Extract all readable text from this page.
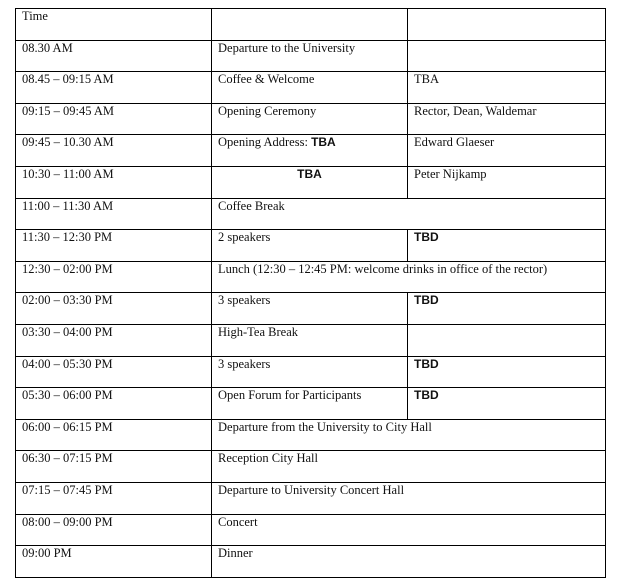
Time		
08.30 AM	Departure to the University	
08.45 – 09:15 AM	Coffee & Welcome	TBA
09:15 – 09:45 AM	Opening Ceremony	Rector, Dean, Waldemar
09:45 – 10.30 AM	Opening Address: TBA	Edward Glaeser
10:30 – 11:00 AM	TBA	Peter Nijkamp
11:00 – 11:30 AM	Coffee Break	
11:30 – 12:30 PM	2 speakers	TBD
12:30 – 02:00 PM	Lunch (12:30 – 12:45 PM: welcome drinks in office of the rector)	
02:00 – 03:30 PM	3 speakers	TBD
03:30 – 04:00 PM	High-Tea Break	
04:00 – 05:30 PM	3 speakers	TBD
05:30 – 06:00 PM	Open Forum for Participants	TBD
06:00 – 06:15 PM	Departure from the University to City Hall	
06:30 – 07:15 PM	Reception City Hall	
07:15 – 07:45 PM	Departure to University Concert Hall	
08:00 – 09:00 PM	Concert	
09:00 PM	Dinner	
